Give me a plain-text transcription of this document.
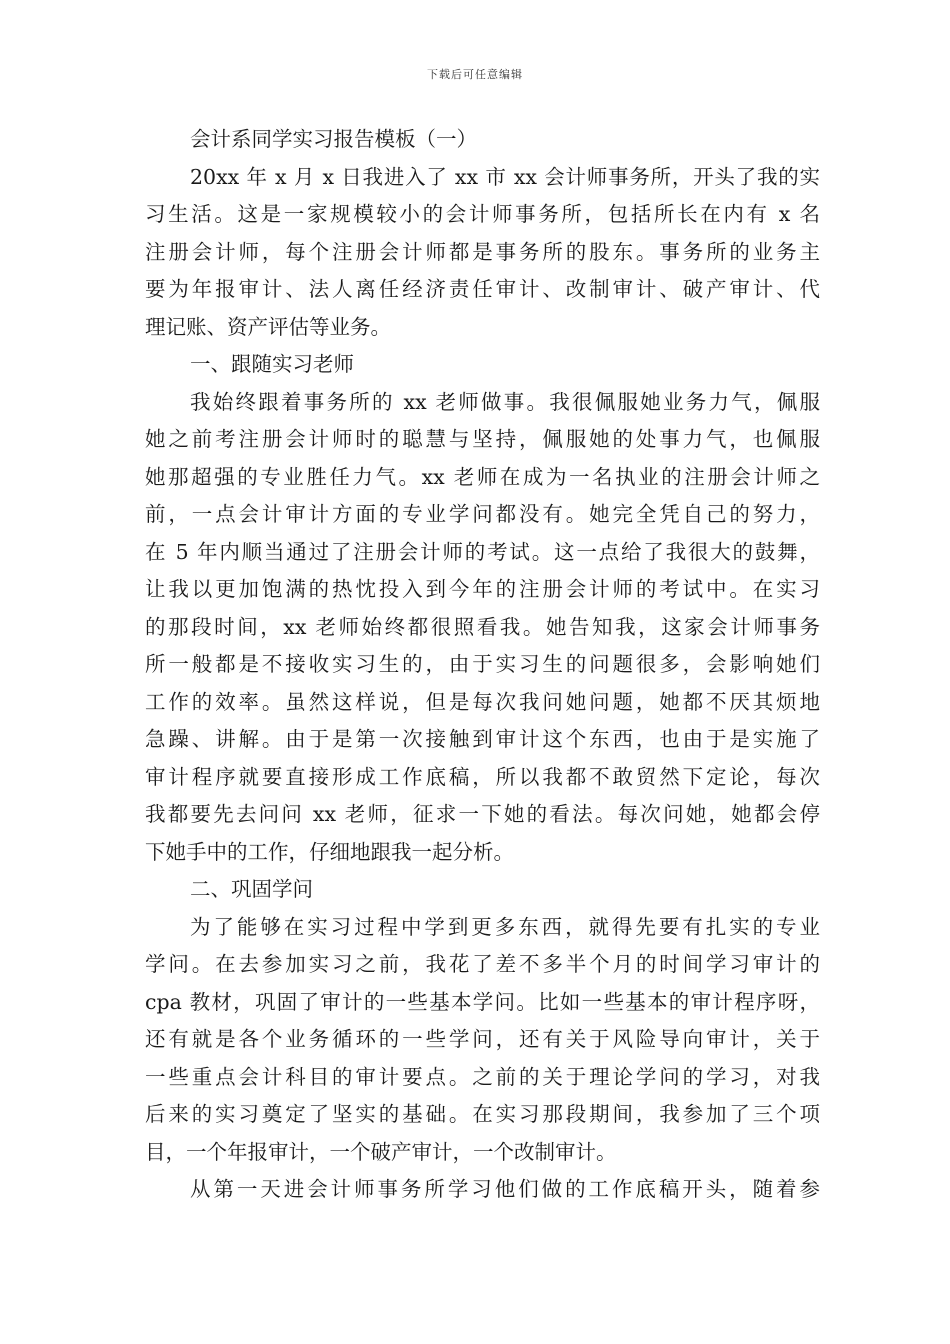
下载后可任意编辑
会计系同学实习报告模板（一）
20xx 年 x 月 x 日我进入了 xx 市 xx 会计师事务所，开头了我的实
习生活。这是一家规模较小的会计师事务所，包括所长在内有 x 名
注册会计师，每个注册会计师都是事务所的股东。事务所的业务主
要为年报审计、法人离任经济责任审计、改制审计、破产审计、代
理记账、资产评估等业务。
一、跟随实习老师
我始终跟着事务所的 xx 老师做事。我很佩服她业务力气，佩服
她之前考注册会计师时的聪慧与坚持，佩服她的处事力气，也佩服
她那超强的专业胜任力气。xx 老师在成为一名执业的注册会计师之
前，一点会计审计方面的专业学问都没有。她完全凭自己的努力，
在 5 年内顺当通过了注册会计师的考试。这一点给了我很大的鼓舞，
让我以更加饱满的热忱投入到今年的注册会计师的考试中。在实习
的那段时间，xx 老师始终都很照看我。她告知我，这家会计师事务
所一般都是不接收实习生的，由于实习生的问题很多，会影响她们
工作的效率。虽然这样说，但是每次我问她问题，她都不厌其烦地
急躁、讲解。由于是第一次接触到审计这个东西，也由于是实施了
审计程序就要直接形成工作底稿，所以我都不敢贸然下定论，每次
我都要先去问问 xx 老师，征求一下她的看法。每次问她，她都会停
下她手中的工作，仔细地跟我一起分析。
二、巩固学问
为了能够在实习过程中学到更多东西，就得先要有扎实的专业
学问。在去参加实习之前，我花了差不多半个月的时间学习审计的
cpa 教材，巩固了审计的一些基本学问。比如一些基本的审计程序呀，
还有就是各个业务循环的一些学问，还有关于风险导向审计，关于
一些重点会计科目的审计要点。之前的关于理论学问的学习，对我
后来的实习奠定了坚实的基础。在实习那段期间，我参加了三个项
目，一个年报审计，一个破产审计，一个改制审计。
从第一天进会计师事务所学习他们做的工作底稿开头，随着参
